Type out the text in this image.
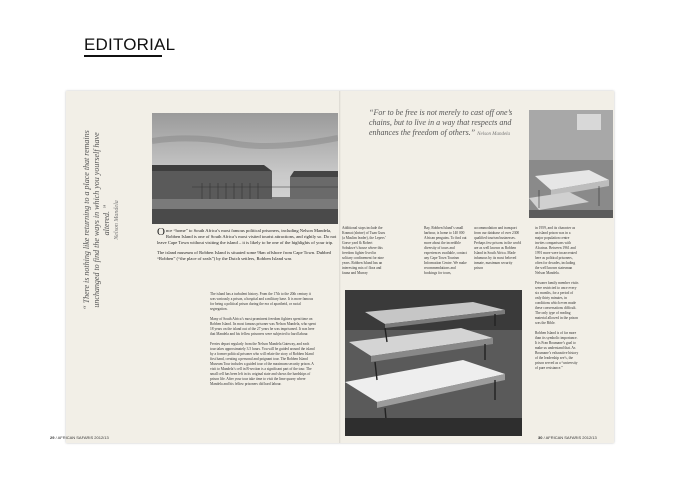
EDITORIAL
“ There is nothing like returning to a place that remains unchanged to find the ways in which you yourself have altered. ” Nelson Mandela	O nce “home” to South Africa’s most famous political prisoners, including Nelson Mandela, Robben Island is one of South Africa’s most visited tourist attractions, and rightly so. Do not leave Cape Town without visiting the island – it is likely to be one of the highlights of your trip.

The island museum of Robben Island is situated some 9km offshore from Cape Town. Dubbed “Robben” (“the place of seals”) by the Dutch settlers, Robben Island was

The island has a turbulent history. From the 17th to the 20th century it was variously a prison, a hospital and a military base. It is more famous for being a political prison during the era of apartheid, or racial segregation.

Many of South Africa’s most prominent freedom fighters spent time on Robben Island. Its most famous prisoner was Nelson Mandela, who spent 18 years on the island out of the 27 years he was imprisoned. It was here that Mandela and his fellow prisoners were subjected to hard labour.

Ferries depart regularly from the Nelson Mandela Gateway, and each tour takes approximately 3.5 hours. You will be guided around the island by a former political prisoner who will relate the story of Robben Island first hand, creating a personal and poignant tour. The Robben Island Museum Tour includes a guided tour of the maximum security prison. A visit to Mandela’s cell in B-section is a significant part of the tour. The small cell has been left in its original state and shows the hardships of prison life. After your tour take time to visit the lime quarry where Mandela and his fellow prisoners did hard labour.

“For to be free is not merely to cast off one’s chains, but to live in a way that respects and enhances the freedom of others.” Nelson Mandela

Additional stops include the Kramat (shrine) of Tuan Guru (a Muslim leader), the Lepers’ Grave yard & Robert Sobukwe’s house where this freedom fighter lived in solitary confinement for nine years. Robben Island has an interesting mix of flora and fauna and Murray

Bay, Robben Island’s small harbour, is home to 140 000 African penguins. To find out more about the incredible diversity of tours and experiences available, contact any Cape Town Tourism Information Centre. We make recommendations and bookings for tours,

accommodation and transport from our database of over 2300 qualified tourism businesses. Perhaps few prisons in the world are as well known as Robben Island in South Africa. Made infamous by its most beloved inmate, maximum security prison

in 1959, and its character as an island prison was in a major population centre invites comparisons with Alcatraz. Between 1961 and 1991 more were incarcerated here as political prisoners, often for decades, including the well known statesman Nelson Mandela.

Prisoner family member visits were restricted to once every six months, for a period of only thirty minutes, in conditions which even made these conversations difficult. The only type of reading material allowed in the prison was the Bible.

Robben Island is of far more than its symbolic importance. It is Fran Boumane’s goal to make us understand that. As Boumane’s exhaustive history of the leadership see’s, the prison served as a “university of pure resistance.”

29 / AFRICAN SAFARIS 2012/13	30 / AFRICAN SAFARIS 2012/13
